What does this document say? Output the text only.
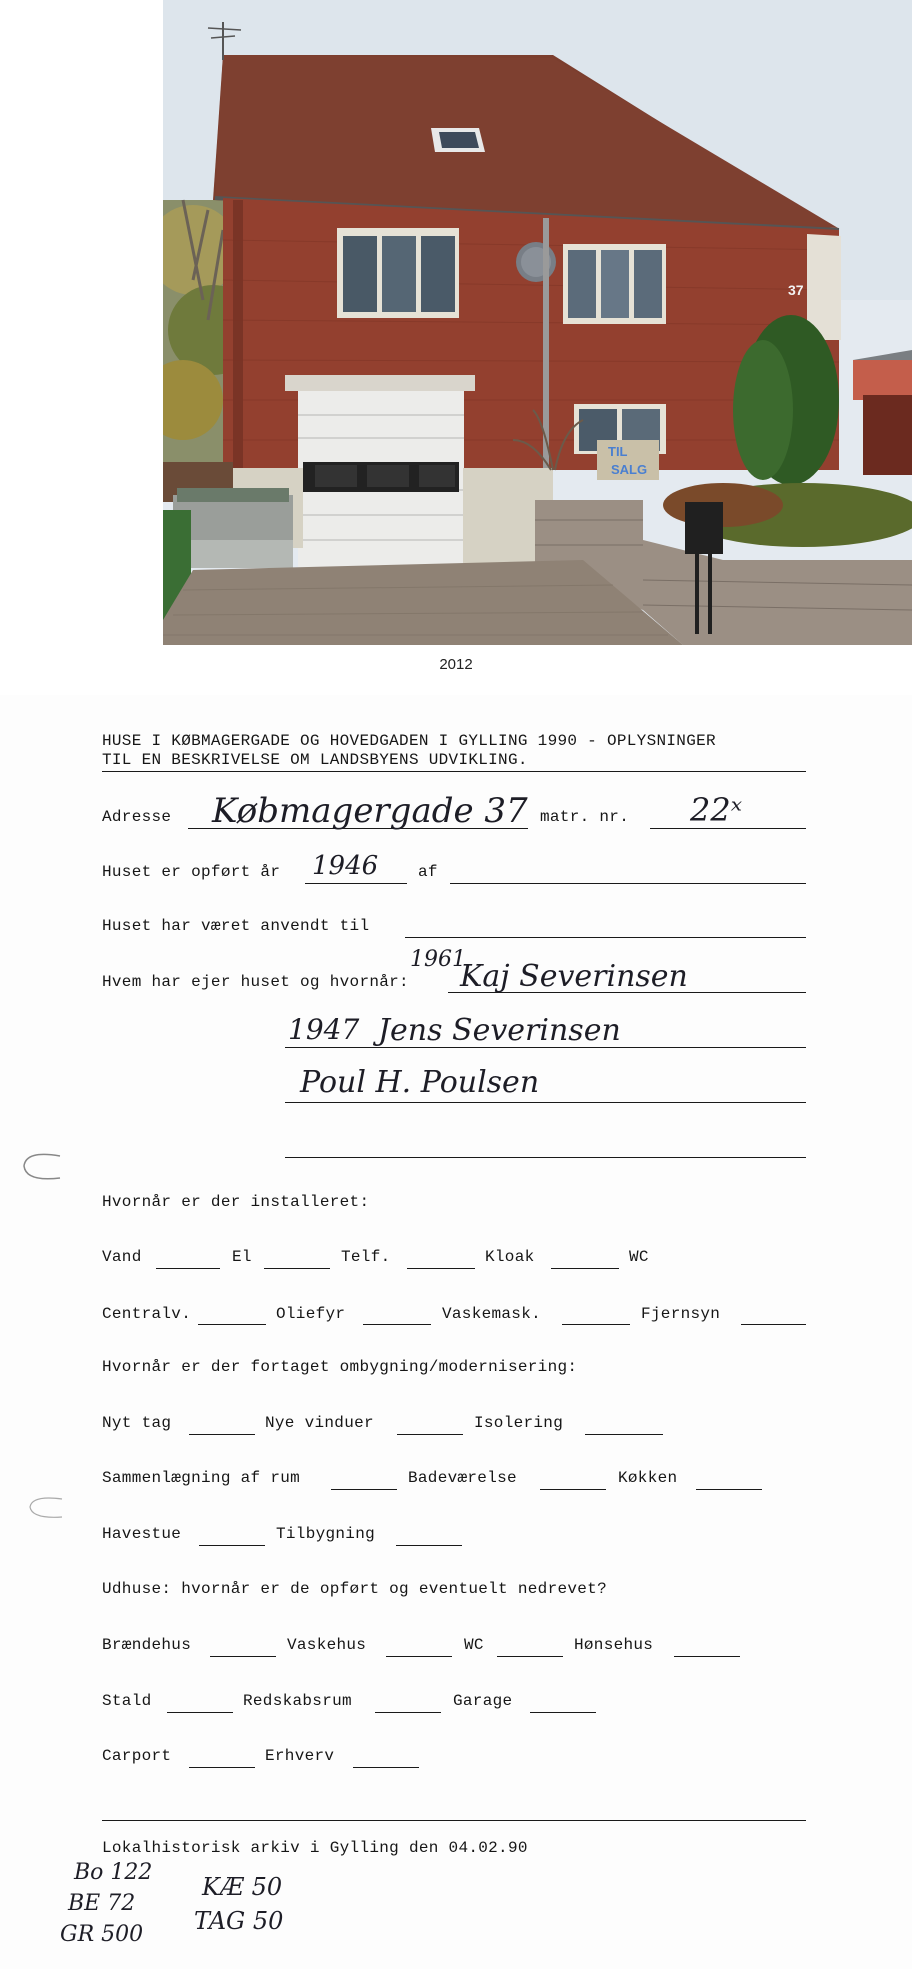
37
TIL
SALG
2012
HUSE I KØBMAGERGADE OG HOVEDGADEN I GYLLING 1990 - OPLYSNINGER
TIL EN BESKRIVELSE OM LANDSBYENS UDVIKLING.
Adresse Købmagergade 37 matr. nr. 22ˣ
Huset er opført år 1946 af
Huset har været anvendt til
Hvem har ejer huset og hvornår:
1961
Kaj Severinsen
1947 Jens Severinsen
Poul H. Poulsen
Hvornår er der installeret:
Vand	El	Telf.	Kloak	WC
Centralv.	Oliefyr	Vaskemask.	Fjernsyn
Hvornår er der fortaget ombygning/modernisering:
Nyt tag	Nye vinduer	Isolering
Sammenlægning af rum	Badeværelse	Køkken
Havestue	Tilbygning
Udhuse: hvornår er de opført og eventuelt nedrevet?
Brændehus	Vaskehus	WC	Hønsehus
Stald	Redskabsrum	Garage
Carport	Erhverv
Lokalhistorisk arkiv i Gylling den 04.02.90
Bo 122
BE 72
GR 500
KÆ 50
TAG 50
